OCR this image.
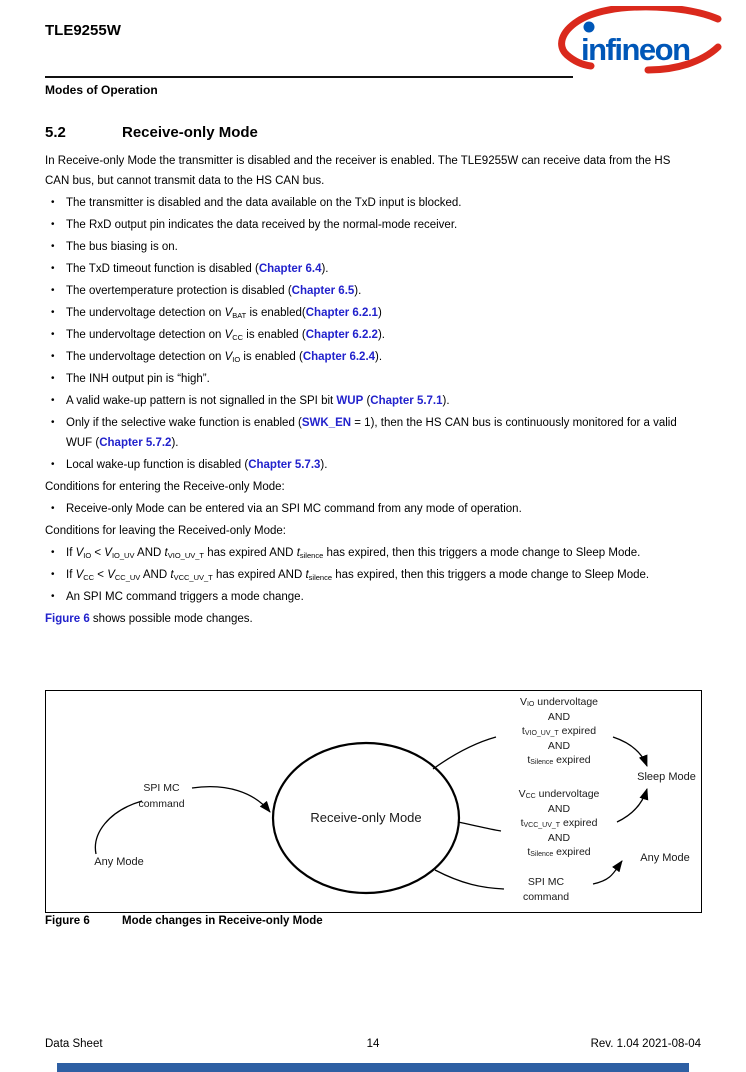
TLE9255W
infineon
Modes of Operation
5.2	Receive-only Mode
In Receive-only Mode the transmitter is disabled and the receiver is enabled. The TLE9255W can receive data from the HS CAN bus, but cannot transmit data to the HS CAN bus.
• The transmitter is disabled and the data available on the TxD input is blocked.
• The RxD output pin indicates the data received by the normal-mode receiver.
• The bus biasing is on.
• The TxD timeout function is disabled (Chapter 6.4).
• The overtemperature protection is disabled (Chapter 6.5).
• The undervoltage detection on $V_{BAT}$ is enabled(Chapter 6.2.1)
• The undervoltage detection on $V_{CC}$ is enabled (Chapter 6.2.2).
• The undervoltage detection on $V_{IO}$ is enabled (Chapter 6.2.4).
• The INH output pin is “high”.
• A valid wake-up pattern is not signalled in the SPI bit WUP (Chapter 5.7.1).
• Only if the selective wake function is enabled (SWK_EN = 1), then the HS CAN bus is continuously monitored for a valid WUF (Chapter 5.7.2).
• Local wake-up function is disabled (Chapter 5.7.3).
Conditions for entering the Receive-only Mode:
• Receive-only Mode can be entered via an SPI MC command from any mode of operation.
Conditions for leaving the Received-only Mode:
• If $V_{IO} < V_{IO\_UV}$ AND $t_{VIO\_UV\_T}$ has expired AND $t_{silence}$ has expired, then this triggers a mode change to Sleep Mode.
• If $V_{CC} < V_{CC\_UV}$ AND $t_{VCC\_UV\_T}$ has expired AND $t_{silence}$ has expired, then this triggers a mode change to Sleep Mode.
• An SPI MC command triggers a mode change.
Figure 6 shows possible mode changes.
Receive-only Mode
SPI MC
command
Any Mode
$V_{IO}$ undervoltage
AND
$t_{VIO\_UV\_T}$ expired
AND
$t_{Silence}$ expired
$V_{CC}$ undervoltage
AND
$t_{VCC\_UV\_T}$ expired
AND
$t_{Silence}$ expired
SPI MC
command
Sleep Mode
Any Mode
Figure 6	Mode changes in Receive-only Mode
14
Data Sheet	Rev. 1.04 2021-08-04
